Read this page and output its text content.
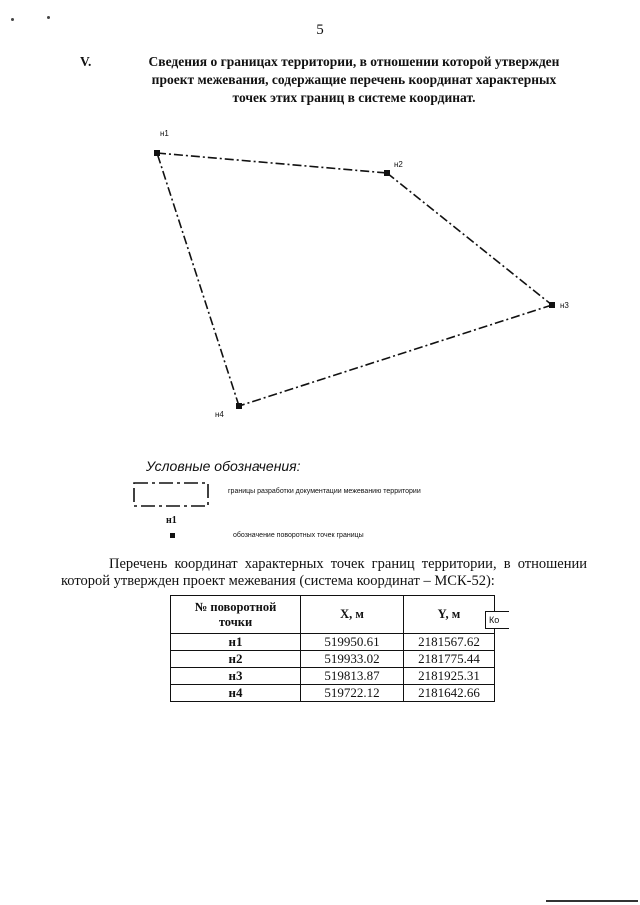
5
V.	Сведения о границах территории, в отношении которой утвержден
проект межевания, содержащие перечень координат характерных
точек этих границ в системе координат.
н1
н2
н3
н4
Условные обозначения:
границы разработки документации межеванию территории
н1
обозначение поворотных точек границы
Перечень координат характерных точек границ территории, в отношении
которой утвержден проект межевания (система координат – МСК-52):
№ поворотной
точки	X, м	Y, м
н1	519950.61	2181567.62
н2	519933.02	2181775.44
н3	519813.87	2181925.31
н4	519722.12	2181642.66
Ко
